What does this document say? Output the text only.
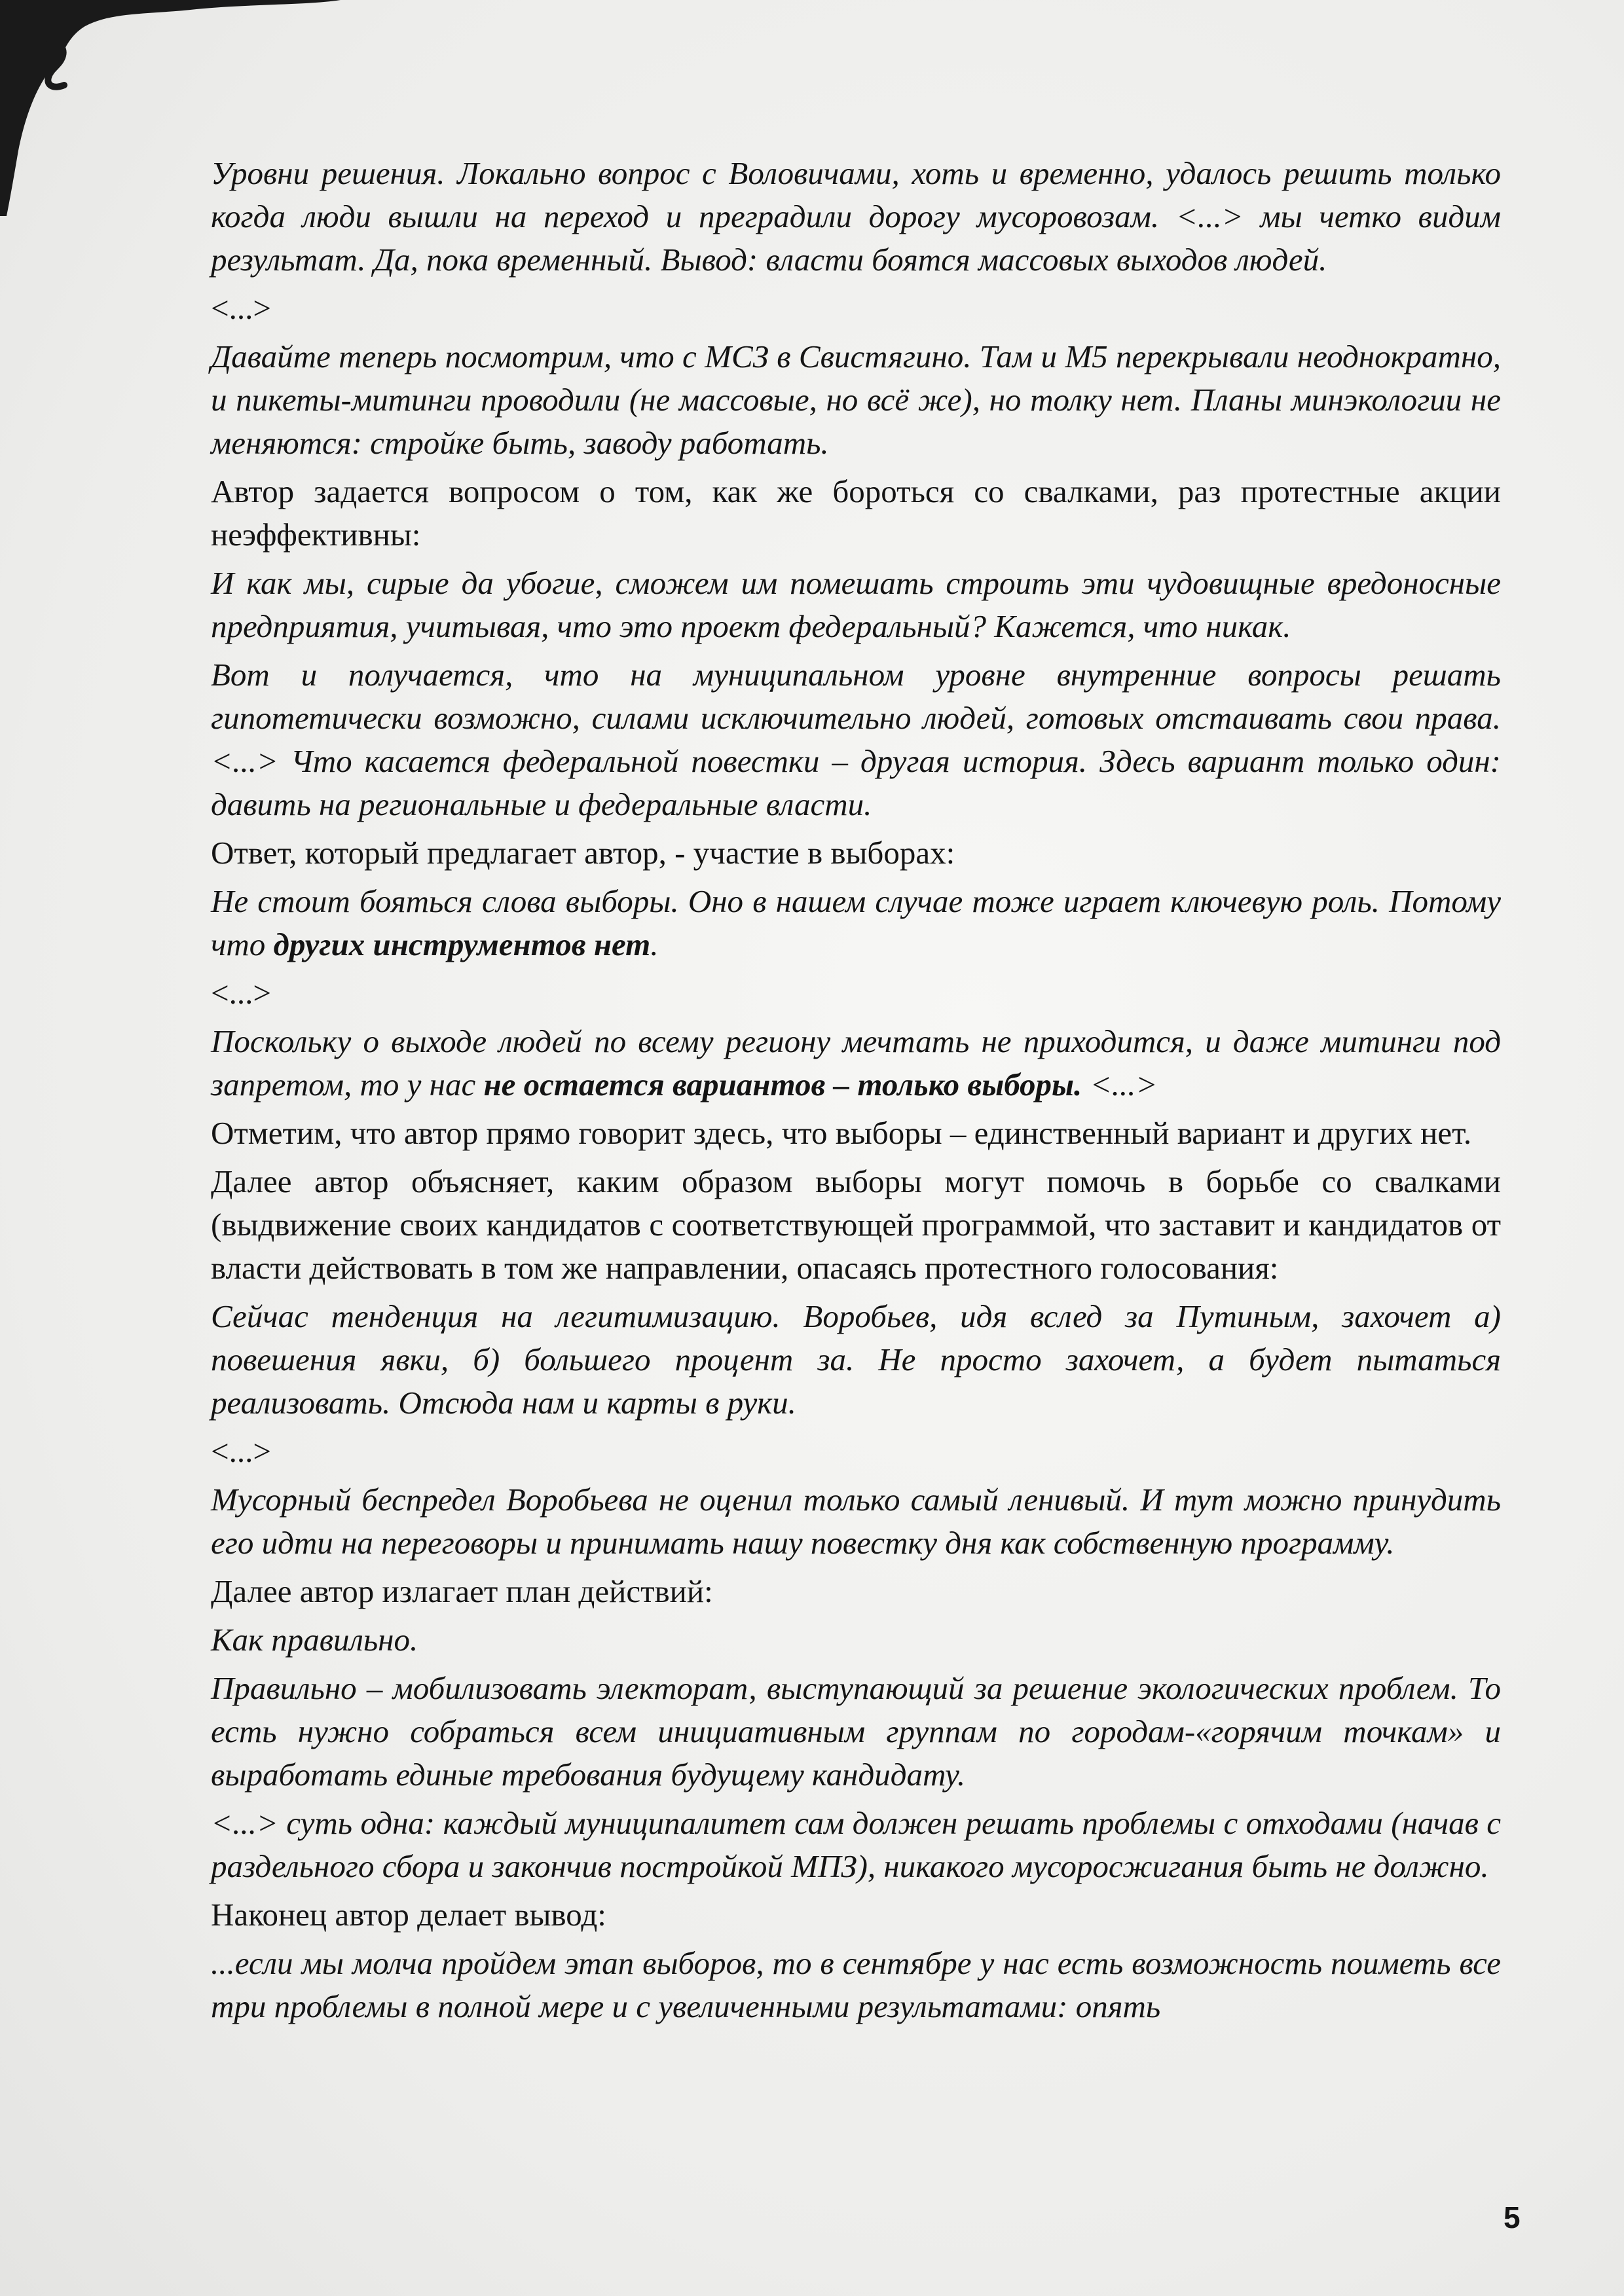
Уровни решения. Локально вопрос с Воловичами, хоть и временно, удалось решить только когда люди вышли на переход и преградили дорогу мусоровозам. <...> мы четко видим результат. Да, пока временный. Вывод: власти боятся массовых выходов людей.

<...>

Давайте теперь посмотрим, что с МСЗ в Свистягино. Там и М5 перекрывали неоднократно, и пикеты-митинги проводили (не массовые, но всё же), но толку нет. Планы минэкологии не меняются: стройке быть, заводу работать.

Автор задается вопросом о том, как же бороться со свалками, раз протестные акции неэффективны:

И как мы, сирые да убогие, сможем им помешать строить эти чудовищные вредоносные предприятия, учитывая, что это проект федеральный? Кажется, что никак.

Вот и получается, что на муниципальном уровне внутренние вопросы решать гипотетически возможно, силами исключительно людей, готовых отстаивать свои права. <...> Что касается федеральной повестки – другая история. Здесь вариант только один: давить на региональные и федеральные власти.

Ответ, который предлагает автор, - участие в выборах:

Не стоит бояться слова выборы. Оно в нашем случае тоже играет ключевую роль. Потому что других инструментов нет.

<...>

Поскольку о выходе людей по всему региону мечтать не приходится, и даже митинги под запретом, то у нас не остается вариантов – только выборы. <...>

Отметим, что автор прямо говорит здесь, что выборы – единственный вариант и других нет.

Далее автор объясняет, каким образом выборы могут помочь в борьбе со свалками (выдвижение своих кандидатов с соответствующей программой, что заставит и кандидатов от власти действовать в том же направлении, опасаясь протестного голосования:

Сейчас тенденция на легитимизацию. Воробьев, идя вслед за Путиным, захочет а) повешения явки, б) большего процент за. Не просто захочет, а будет пытаться реализовать. Отсюда нам и карты в руки.

<...>

Мусорный беспредел Воробьева не оценил только самый ленивый. И тут можно принудить его идти на переговоры и принимать нашу повестку дня как собственную программу.

Далее автор излагает план действий:

Как правильно.

Правильно – мобилизовать электорат, выступающий за решение экологических проблем. То есть нужно собраться всем инициативным группам по городам-«горячим точкам» и выработать единые требования будущему кандидату.

<...> суть одна: каждый муниципалитет сам должен решать проблемы с отходами (начав с раздельного сбора и закончив постройкой МПЗ), никакого мусоросжигания быть не должно.

Наконец автор делает вывод:

...если мы молча пройдем этап выборов, то в сентябре у нас есть возможность поиметь все три проблемы в полной мере и с увеличенными результатами: опять

5
